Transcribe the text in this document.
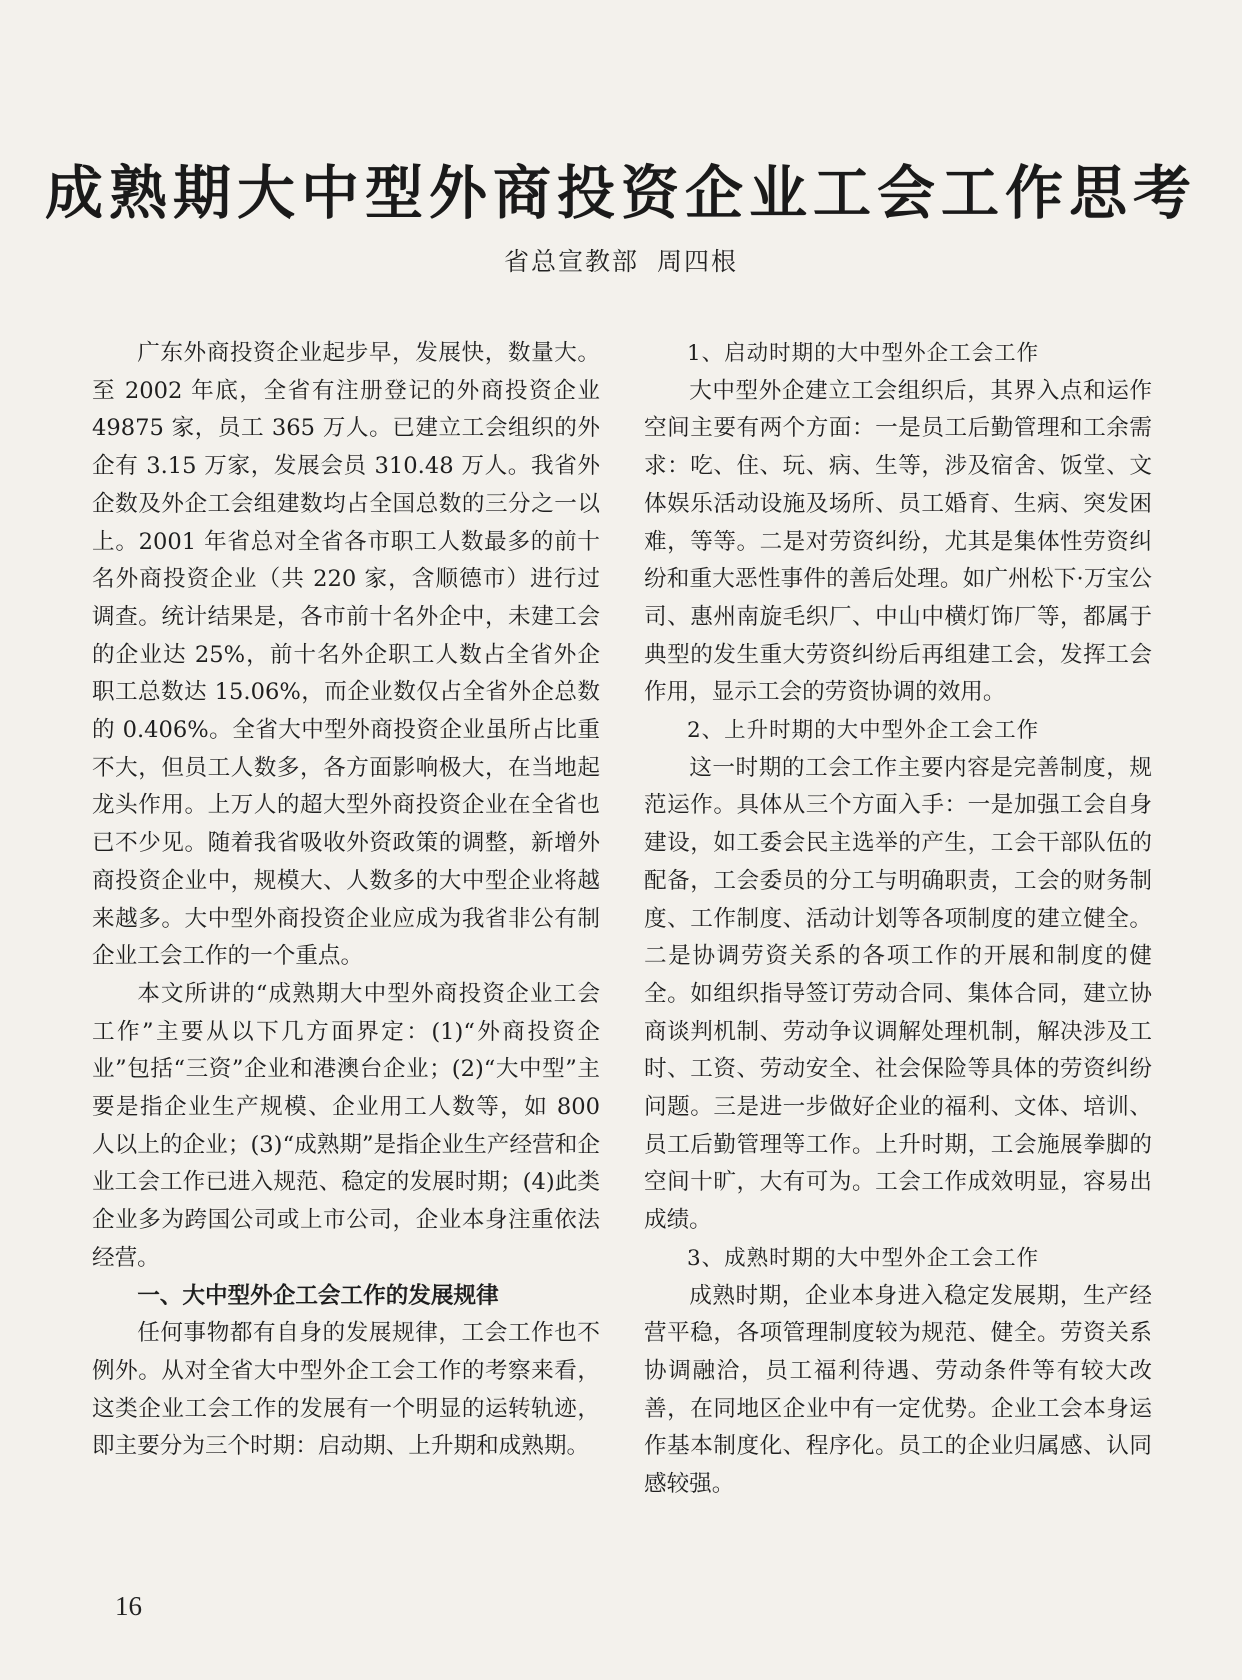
成熟期大中型外商投资企业工会工作思考
省总宣教部 周四根

广东外商投资企业起步早，发展快，数量大。至 2002 年底，全省有注册登记的外商投资企业 49875 家，员工 365 万人。已建立工会组织的外企有 3.15 万家，发展会员 310.48 万人。我省外企数及外企工会组建数均占全国总数的三分之一以上。2001 年省总对全省各市职工人数最多的前十名外商投资企业（共 220 家，含顺德市）进行过调查。统计结果是，各市前十名外企中，未建工会的企业达 25%，前十名外企职工人数占全省外企职工总数达 15.06%，而企业数仅占全省外企总数的 0.406%。全省大中型外商投资企业虽所占比重不大，但员工人数多，各方面影响极大，在当地起龙头作用。上万人的超大型外商投资企业在全省也已不少见。随着我省吸收外资政策的调整，新增外商投资企业中，规模大、人数多的大中型企业将越来越多。大中型外商投资企业应成为我省非公有制企业工会工作的一个重点。

本文所讲的“成熟期大中型外商投资企业工会工作”主要从以下几方面界定：(1)“外商投资企业”包括“三资”企业和港澳台企业；(2)“大中型”主要是指企业生产规模、企业用工人数等，如 800 人以上的企业；(3)“成熟期”是指企业生产经营和企业工会工作已进入规范、稳定的发展时期；(4)此类企业多为跨国公司或上市公司，企业本身注重依法经营。

一、大中型外企工会工作的发展规律

任何事物都有自身的发展规律，工会工作也不例外。从对全省大中型外企工会工作的考察来看，这类企业工会工作的发展有一个明显的运转轨迹，即主要分为三个时期：启动期、上升期和成熟期。

1、启动时期的大中型外企工会工作

大中型外企建立工会组织后，其界入点和运作空间主要有两个方面：一是员工后勤管理和工余需求：吃、住、玩、病、生等，涉及宿舍、饭堂、文体娱乐活动设施及场所、员工婚育、生病、突发困难，等等。二是对劳资纠纷，尤其是集体性劳资纠纷和重大恶性事件的善后处理。如广州松下·万宝公司、惠州南旋毛织厂、中山中横灯饰厂等，都属于典型的发生重大劳资纠纷后再组建工会，发挥工会作用，显示工会的劳资协调的效用。

2、上升时期的大中型外企工会工作

这一时期的工会工作主要内容是完善制度，规范运作。具体从三个方面入手：一是加强工会自身建设，如工委会民主选举的产生，工会干部队伍的配备，工会委员的分工与明确职责，工会的财务制度、工作制度、活动计划等各项制度的建立健全。二是协调劳资关系的各项工作的开展和制度的健全。如组织指导签订劳动合同、集体合同，建立协商谈判机制、劳动争议调解处理机制，解决涉及工时、工资、劳动安全、社会保险等具体的劳资纠纷问题。三是进一步做好企业的福利、文体、培训、员工后勤管理等工作。上升时期，工会施展拳脚的空间十旷，大有可为。工会工作成效明显，容易出成绩。

3、成熟时期的大中型外企工会工作

成熟时期，企业本身进入稳定发展期，生产经营平稳，各项管理制度较为规范、健全。劳资关系协调融洽，员工福利待遇、劳动条件等有较大改善，在同地区企业中有一定优势。企业工会本身运作基本制度化、程序化。员工的企业归属感、认同感较强。

16
